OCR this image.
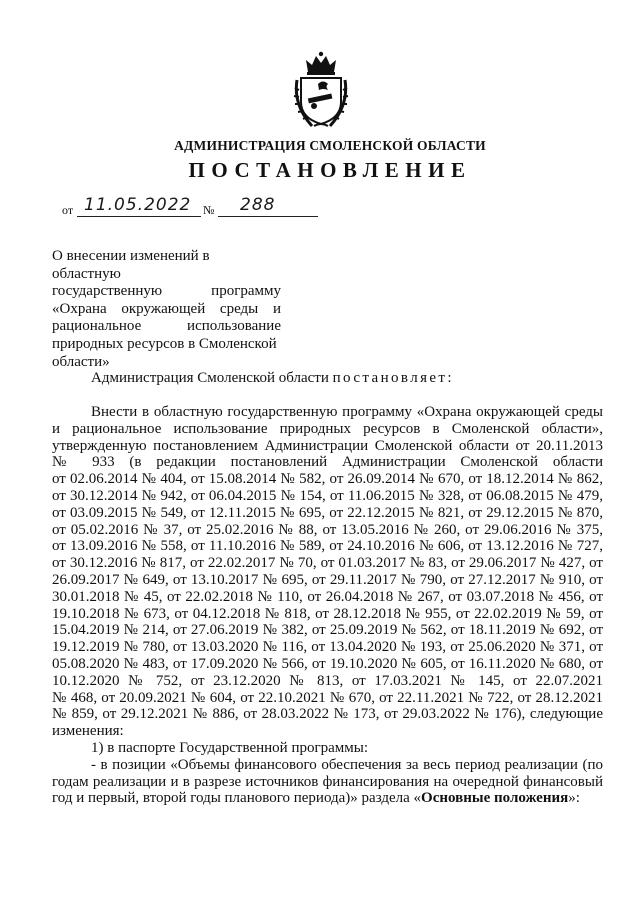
АДМИНИСТРАЦИЯ СМОЛЕНСКОЙ ОБЛАСТИ
ПОСТАНОВЛЕНИЕ
от 11.05.2022 № 288
О внесении изменений в областную
государственную программу
«Охрана окружающей среды и
рациональное использование
природных ресурсов в Смоленской
области»
Администрация Смоленской области постановляет:
Внести в областную государственную программу «Охрана окружающей среды
и рациональное использование природных ресурсов в Смоленской области»,
утвержденную постановлением Администрации Смоленской области от 20.11.2013
№ 933 (в редакции постановлений Администрации Смоленской области
от 02.06.2014 № 404, от 15.08.2014 № 582, от 26.09.2014 № 670, от 18.12.2014 № 862,
от 30.12.2014 № 942, от 06.04.2015 № 154, от 11.06.2015 № 328, от 06.08.2015 № 479,
от 03.09.2015 № 549, от 12.11.2015 № 695, от 22.12.2015 № 821, от 29.12.2015 № 870,
от 05.02.2016 № 37, от 25.02.2016 № 88, от 13.05.2016 № 260, от 29.06.2016 № 375,
от 13.09.2016 № 558, от 11.10.2016 № 589, от 24.10.2016 № 606, от 13.12.2016 № 727,
от 30.12.2016 № 817, от 22.02.2017 № 70, от 01.03.2017 № 83, от 29.06.2017 № 427, от
26.09.2017 № 649, от 13.10.2017 № 695, от 29.11.2017 № 790, от 27.12.2017 № 910, от
30.01.2018 № 45, от 22.02.2018 № 110, от 26.04.2018 № 267, от 03.07.2018 № 456, от
19.10.2018 № 673, от 04.12.2018 № 818, от 28.12.2018 № 955, от 22.02.2019 № 59, от
15.04.2019 № 214, от 27.06.2019 № 382, от 25.09.2019 № 562, от 18.11.2019 № 692, от
19.12.2019 № 780, от 13.03.2020 № 116, от 13.04.2020 № 193, от 25.06.2020 № 371, от
05.08.2020 № 483, от 17.09.2020 № 566, от 19.10.2020 № 605, от 16.11.2020 № 680, от
10.12.2020 № 752, от 23.12.2020 № 813, от 17.03.2021 № 145, от 22.07.2021
№ 468, от 20.09.2021 № 604, от 22.10.2021 № 670, от 22.11.2021 № 722, от 28.12.2021
№ 859, от 29.12.2021 № 886, от 28.03.2022 № 173, от 29.03.2022 № 176), следующие
изменения:
1) в паспорте Государственной программы:
- в позиции «Объемы финансового обеспечения за весь период реализации (по
годам реализации и в разрезе источников финансирования на очередной финансовый
год и первый, второй годы планового периода)» раздела «Основные положения»:
